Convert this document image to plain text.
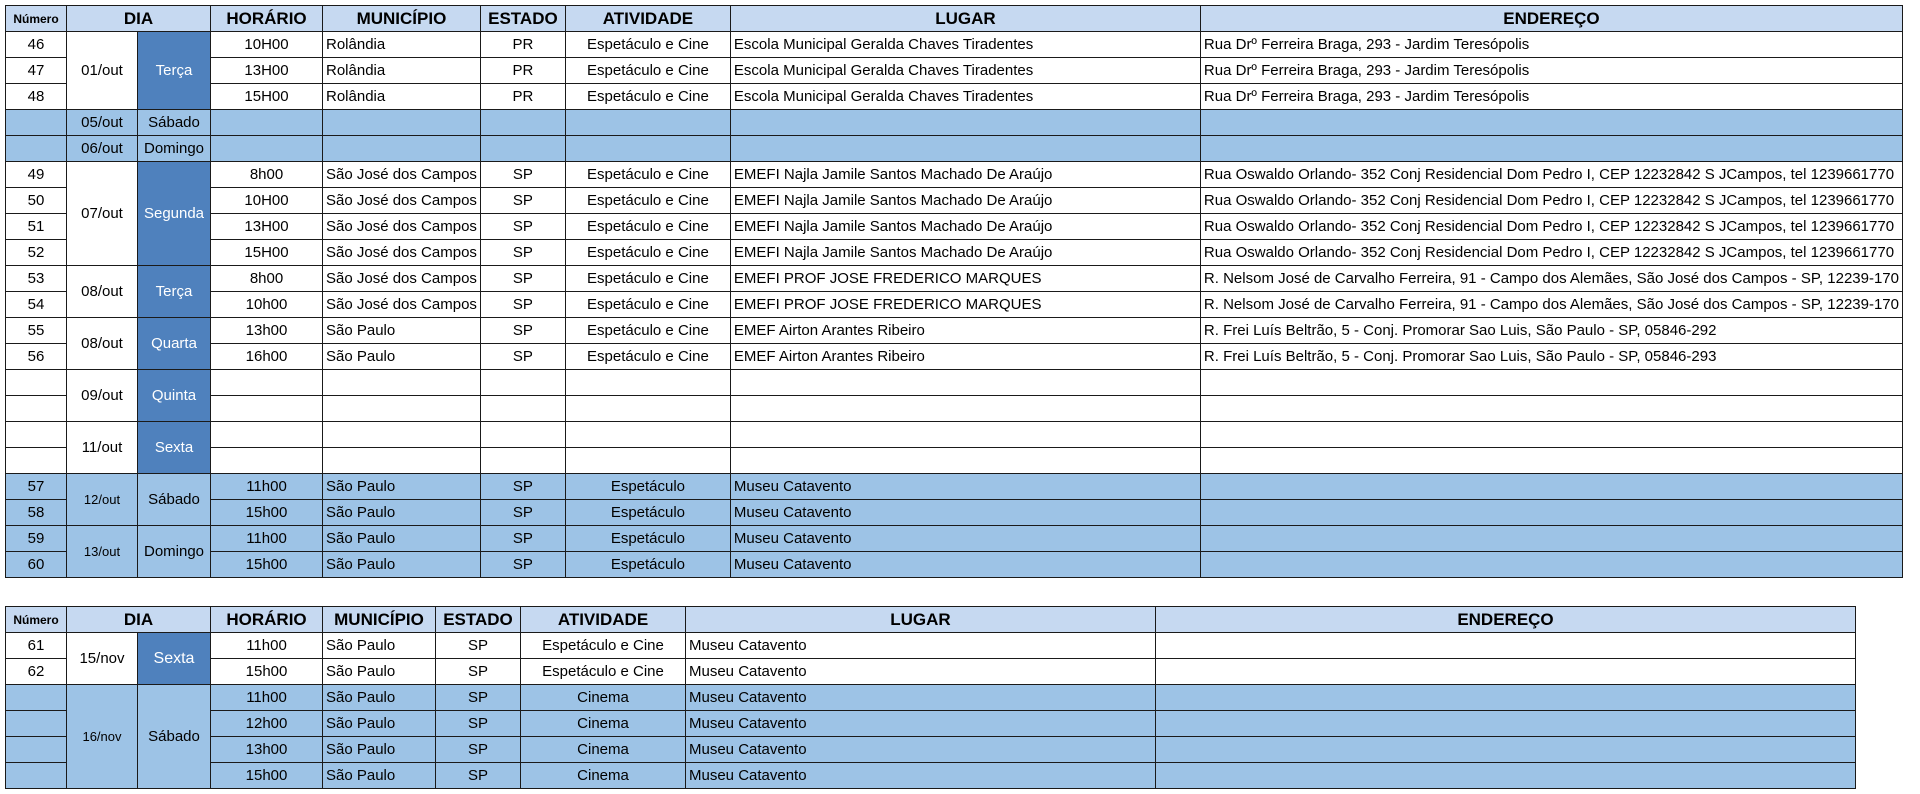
Número	DIA		HORÁRIO	MUNICÍPIO	ESTADO	ATIVIDADE	LUGAR	ENDEREÇO
46	01/out	Terça	10H00	Rolândia	PR	Espetáculo e Cine	Escola Municipal Geralda Chaves Tiradentes	Rua Drº Ferreira Braga, 293 - Jardim Teresópolis
47			13H00	Rolândia	PR	Espetáculo e Cine	Escola Municipal Geralda Chaves Tiradentes	Rua Drº Ferreira Braga, 293 - Jardim Teresópolis
48			15H00	Rolândia	PR	Espetáculo e Cine	Escola Municipal Geralda Chaves Tiradentes	Rua Drº Ferreira Braga, 293 - Jardim Teresópolis
	05/out	Sábado						
	06/out	Domingo						
49	07/out	Segunda	8h00	São José dos Campos	SP	Espetáculo e Cine	EMEFI Najla Jamile Santos Machado De Araújo	Rua Oswaldo Orlando- 352 Conj Residencial Dom Pedro I, CEP 12232842 S JCampos, tel 1239661770
50			10H00	São José dos Campos	SP	Espetáculo e Cine	EMEFI Najla Jamile Santos Machado De Araújo	Rua Oswaldo Orlando- 352 Conj Residencial Dom Pedro I, CEP 12232842 S JCampos, tel 1239661770
51			13H00	São José dos Campos	SP	Espetáculo e Cine	EMEFI Najla Jamile Santos Machado De Araújo	Rua Oswaldo Orlando- 352 Conj Residencial Dom Pedro I, CEP 12232842 S JCampos, tel 1239661770
52			15H00	São José dos Campos	SP	Espetáculo e Cine	EMEFI Najla Jamile Santos Machado De Araújo	Rua Oswaldo Orlando- 352 Conj Residencial Dom Pedro I, CEP 12232842 S JCampos, tel 1239661770
53	08/out	Terça	8h00	São José dos Campos	SP	Espetáculo e Cine	EMEFI PROF JOSE FREDERICO MARQUES	R. Nelsom José de Carvalho Ferreira, 91 - Campo dos Alemães, São José dos Campos - SP, 12239-170
54			10h00	São José dos Campos	SP	Espetáculo e Cine	EMEFI PROF JOSE FREDERICO MARQUES	R. Nelsom José de Carvalho Ferreira, 91 - Campo dos Alemães, São José dos Campos - SP, 12239-170
55	08/out	Quarta	13h00	São Paulo	SP	Espetáculo e Cine	EMEF Airton Arantes Ribeiro	R. Frei Luís Beltrão, 5 - Conj. Promorar Sao Luis, São Paulo - SP, 05846-292
56			16h00	São Paulo	SP	Espetáculo e Cine	EMEF Airton Arantes Ribeiro	R. Frei Luís Beltrão, 5 - Conj. Promorar Sao Luis, São Paulo - SP, 05846-293
	09/out	Quinta						

	11/out	Sexta						

57	12/out	Sábado	11h00	São Paulo	SP	Espetáculo	Museu Catavento	
58			15h00	São Paulo	SP	Espetáculo	Museu Catavento	
59	13/out	Domingo	11h00	São Paulo	SP	Espetáculo	Museu Catavento	
60			15h00	São Paulo	SP	Espetáculo	Museu Catavento	
Número	DIA		HORÁRIO	MUNICÍPIO	ESTADO	ATIVIDADE	LUGAR	ENDEREÇO
61	15/nov	Sexta	11h00	São Paulo	SP	Espetáculo e Cine	Museu Catavento	
62			15h00	São Paulo	SP	Espetáculo e Cine	Museu Catavento	
	16/nov	Sábado	11h00	São Paulo	SP	Cinema	Museu Catavento	
			12h00	São Paulo	SP	Cinema	Museu Catavento	
			13h00	São Paulo	SP	Cinema	Museu Catavento	
			15h00	São Paulo	SP	Cinema	Museu Catavento	
